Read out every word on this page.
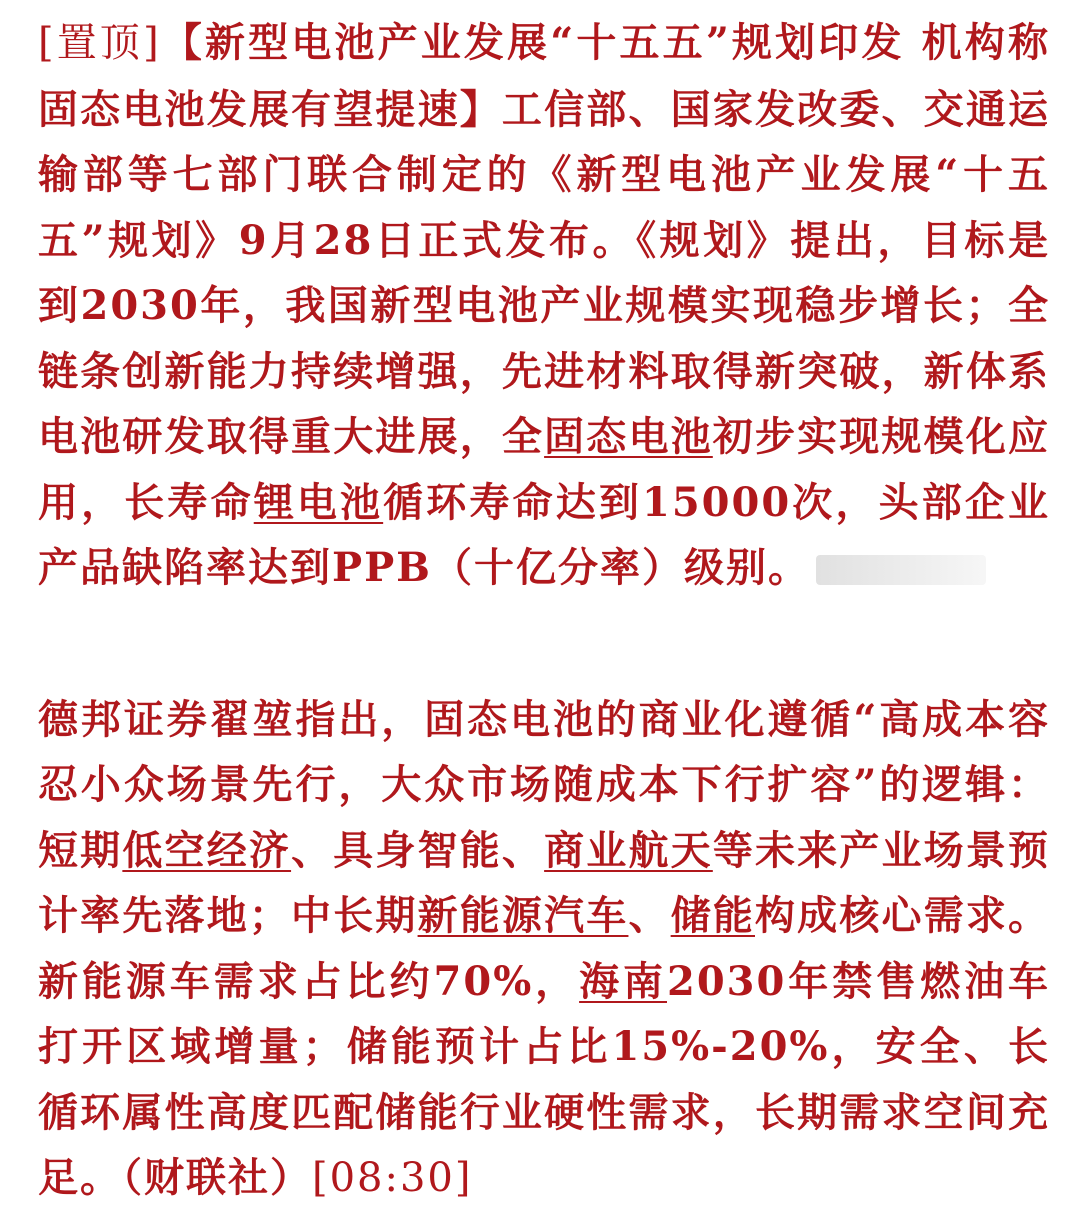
[置顶]【新型电池产业发展“十五五”规划印发 机构称固态电池发展有望提速】工信部、国家发改委、交通运输部等七部门联合制定的《新型电池产业发展“十五五”规划》9月28日正式发布。《规划》提出，目标是到2030年，我国新型电池产业规模实现稳步增长；全链条创新能力持续增强，先进材料取得新突破，新体系电池研发取得重大进展，全固态电池初步实现规模化应用，长寿命锂电池循环寿命达到15000次，头部企业产品缺陷率达到PPB（十亿分率）级别。

德邦证券翟堃指出，固态电池的商业化遵循“高成本容忍小众场景先行，大众市场随成本下行扩容”的逻辑：短期低空经济、具身智能、商业航天等未来产业场景预计率先落地；中长期新能源汽车、储能构成核心需求。新能源车需求占比约70%，海南2030年禁售燃油车打开区域增量；储能预计占比15%-20%，安全、长循环属性高度匹配储能行业硬性需求，长期需求空间充足。（财联社）[08:30]
